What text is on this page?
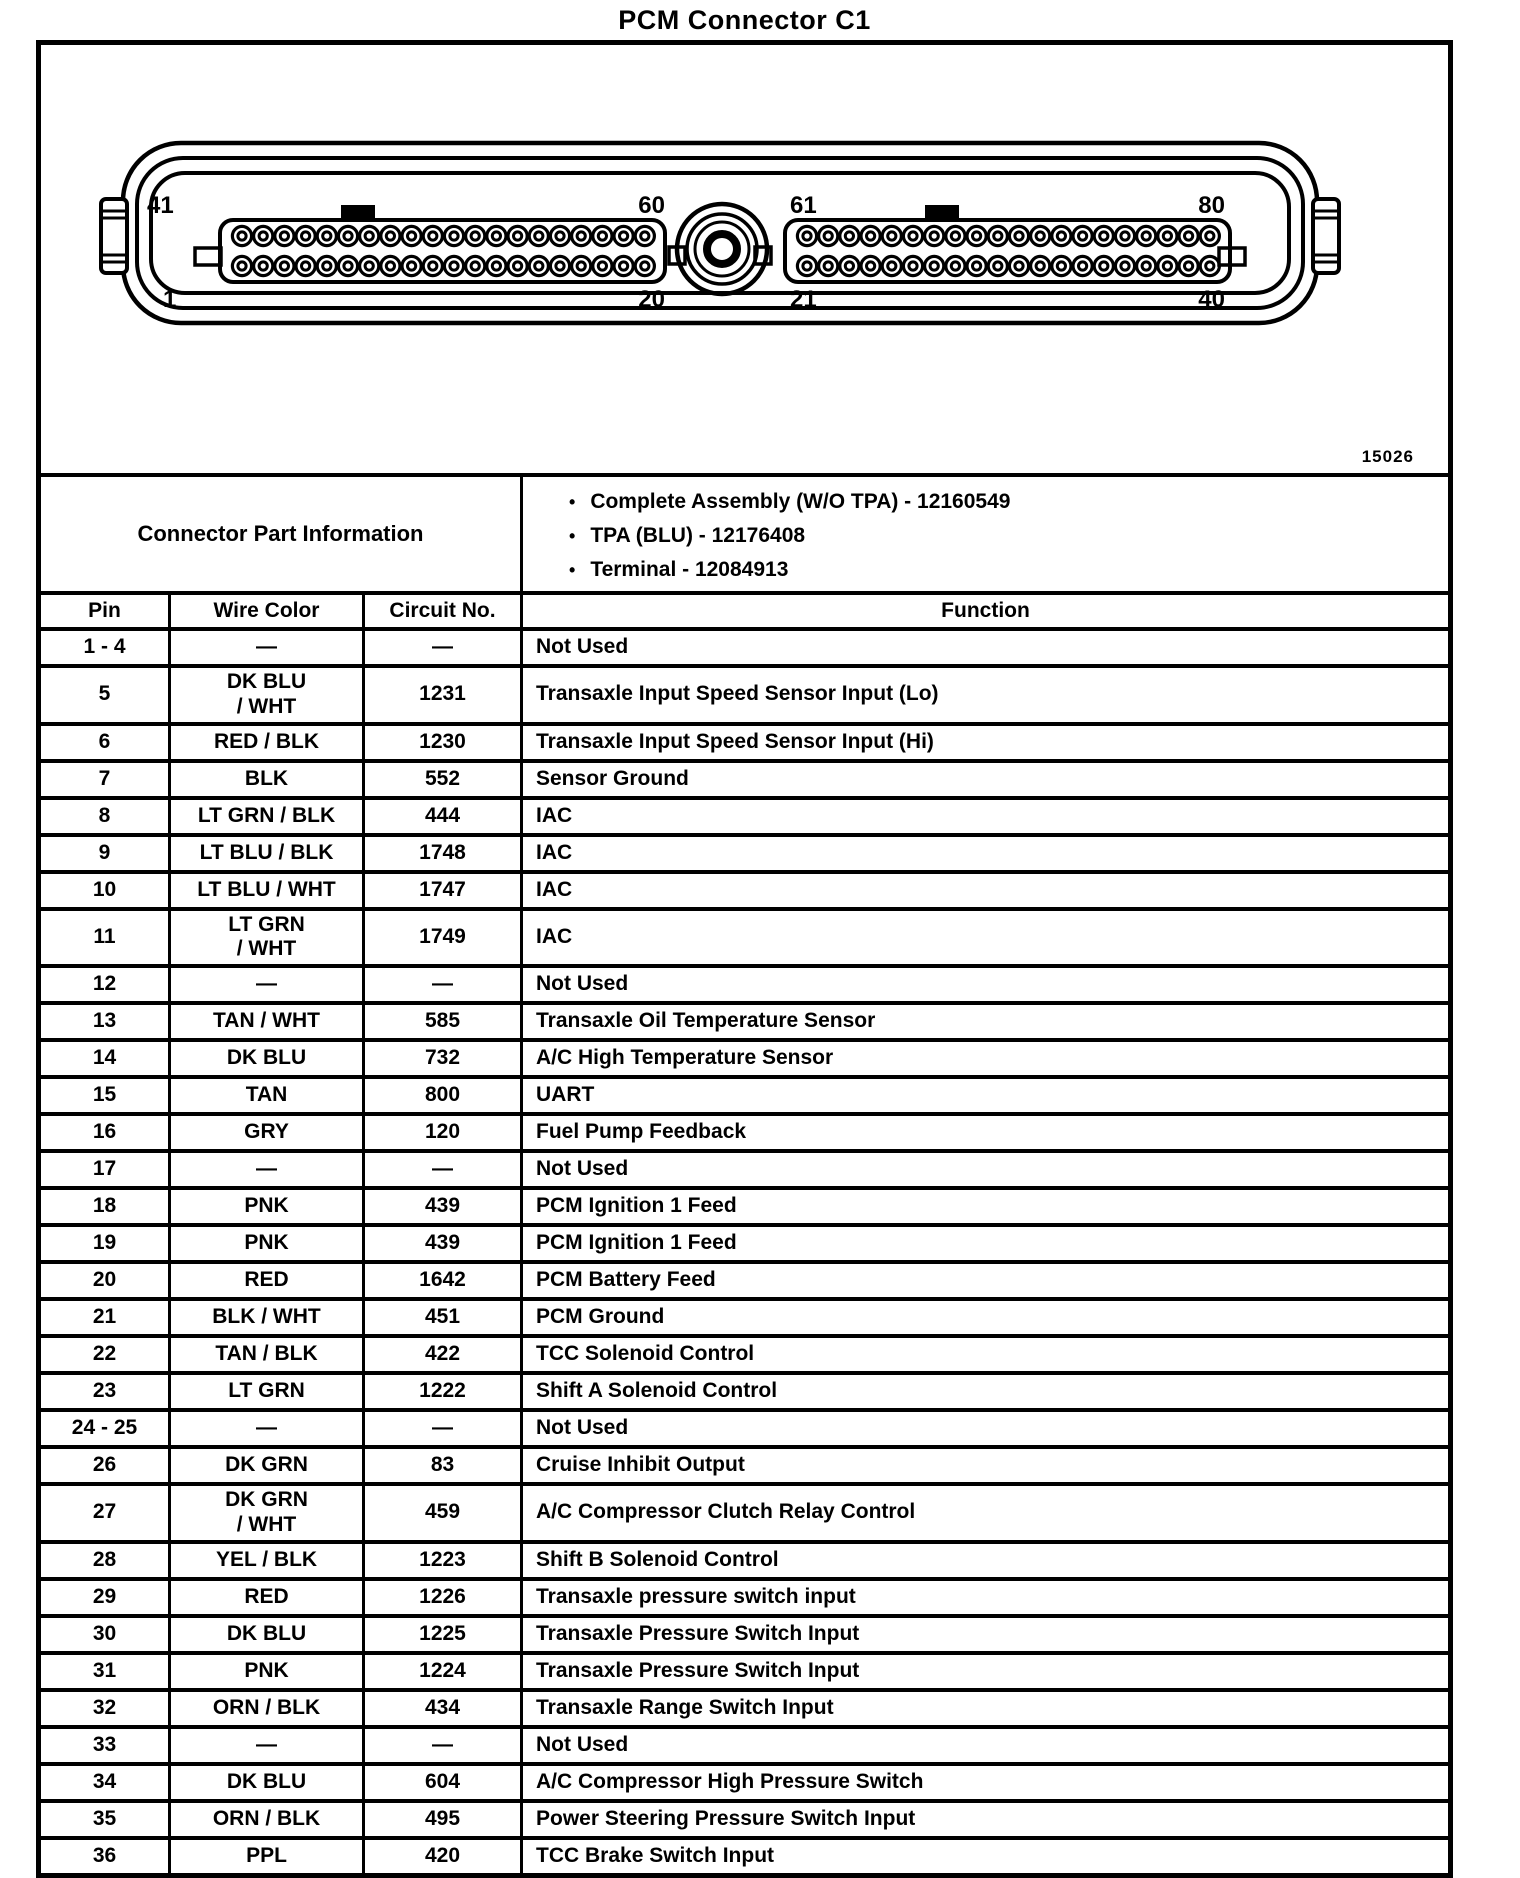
PCM Connector C1
41	60
1	20
61	80
21	40
15026

Connector Part Information	
• Complete Assembly (W/O TPA) - 12160549
• TPA (BLU) - 12176408
• Terminal - 12084913

Pin	Wire Color	Circuit No.	Function
1 - 4	—	—	Not Used
5	DK BLU
/ WHT	1231	Transaxle Input Speed Sensor Input (Lo)
6	RED / BLK	1230	Transaxle Input Speed Sensor Input (Hi)
7	BLK	552	Sensor Ground
8	LT GRN / BLK	444	IAC
9	LT BLU / BLK	1748	IAC
10	LT BLU / WHT	1747	IAC
11	LT GRN
/ WHT	1749	IAC
12	—	—	Not Used
13	TAN / WHT	585	Transaxle Oil Temperature Sensor
14	DK BLU	732	A/C High Temperature Sensor
15	TAN	800	UART
16	GRY	120	Fuel Pump Feedback
17	—	—	Not Used
18	PNK	439	PCM Ignition 1 Feed
19	PNK	439	PCM Ignition 1 Feed
20	RED	1642	PCM Battery Feed
21	BLK / WHT	451	PCM Ground
22	TAN / BLK	422	TCC Solenoid Control
23	LT GRN	1222	Shift A Solenoid Control
24 - 25	—	—	Not Used
26	DK GRN	83	Cruise Inhibit Output
27	DK GRN
/ WHT	459	A/C Compressor Clutch Relay Control
28	YEL / BLK	1223	Shift B Solenoid Control
29	RED	1226	Transaxle pressure switch input
30	DK BLU	1225	Transaxle Pressure Switch Input
31	PNK	1224	Transaxle Pressure Switch Input
32	ORN / BLK	434	Transaxle Range Switch Input
33	—	—	Not Used
34	DK BLU	604	A/C Compressor High Pressure Switch
35	ORN / BLK	495	Power Steering Pressure Switch Input
36	PPL	420	TCC Brake Switch Input
